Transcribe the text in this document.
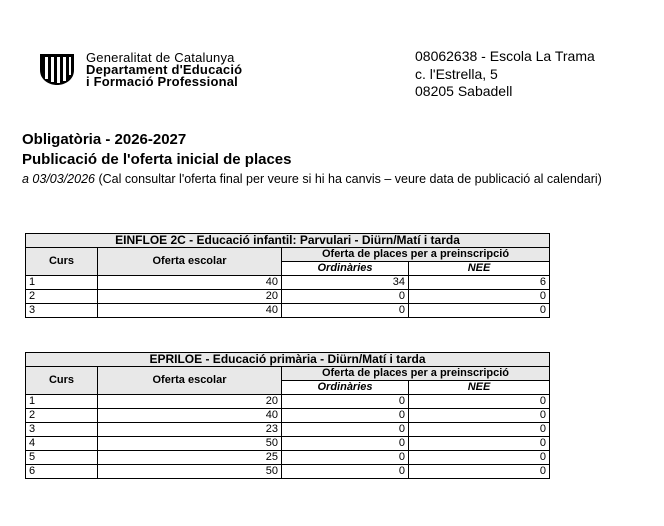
Generalitat de Catalunya
Departament d'Educació
i Formació Professional
08062638 - Escola La Trama
c. l'Estrella, 5
08205 Sabadell
Obligatòria - 2026-2027
Publicació de l'oferta inicial de places
a 03/03/2026 (Cal consultar l'oferta final per veure si hi ha canvis – veure data de publicació al calendari)
EINFLOE 2C - Educació infantil: Parvulari - Diürn/Matí i tarda			
Curs	Oferta escolar	Oferta de places per a preinscripció	
		Ordinàries	NEE
1	40	34	6
2	20	0	0
3	40	0	0
EPRILOE - Educació primària - Diürn/Matí i tarda			
Curs	Oferta escolar	Oferta de places per a preinscripció	
		Ordinàries	NEE
1	20	0	0
2	40	0	0
3	23	0	0
4	50	0	0
5	25	0	0
6	50	0	0
